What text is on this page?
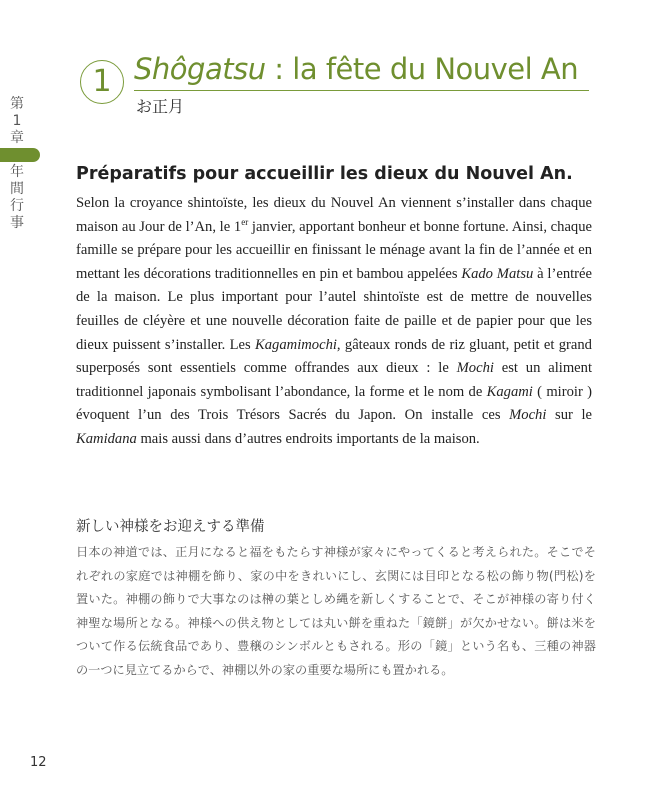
1 Shôgatsu : la fête du Nouvel An
お正月
第1章
年間行事
Préparatifs pour accueillir les dieux du Nouvel An.
Selon la croyance shintoïste, les dieux du Nouvel An viennent s’installer dans chaque maison au Jour de l’An, le 1er janvier, apportant bonheur et bonne fortune. Ainsi, chaque famille se prépare pour les accueillir en finissant le ménage avant la fin de l’année et en mettant les décorations traditionnelles en pin et bambou appelées Kado Matsu à l’entrée de la maison. Le plus important pour l’autel shintoïste est de mettre de nouvelles feuilles de cléyère et une nouvelle décoration faite de paille et de papier pour que les dieux puissent s’installer. Les Kagamimochi, gâteaux ronds de riz gluant, petit et grand superposés sont essentiels comme offrandes aux dieux : le Mochi est un aliment traditionnel japonais symbolisant l’abondance, la forme et le nom de Kagami ( miroir ) évoquent l’un des Trois Trésors Sacrés du Japon. On installe ces Mochi sur le Kamidana mais aussi dans d’autres endroits importants de la maison.
新しい神様をお迎えする準備
日本の神道では、正月になると福をもたらす神様が家々にやってくると考えられた。そこでそれぞれの家庭では神棚を飾り、家の中をきれいにし、玄関には目印となる松の飾り物(門松)を置いた。神棚の飾りで大事なのは榊の葉としめ縄を新しくすることで、そこが神様の寄り付く神聖な場所となる。神様への供え物としては丸い餅を重ねた「鏡餅」が欠かせない。餅は米をついて作る伝統食品であり、豊穣のシンボルともされる。形の「鏡」という名も、三種の神器の一つに見立てるからで、神棚以外の家の重要な場所にも置かれる。
12
